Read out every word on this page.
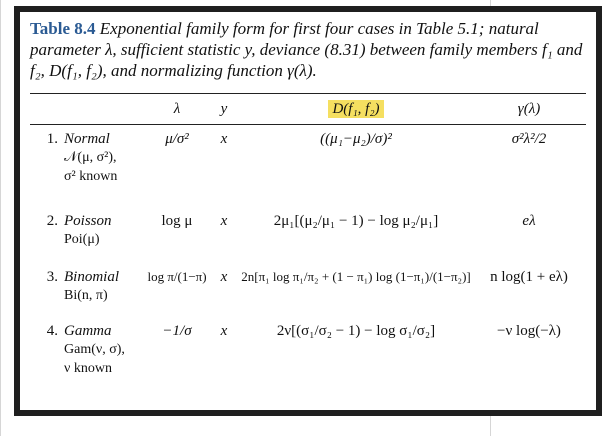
Table 8.4 Exponential family form for first four cases in Table 5.1; natural parameter λ, sufficient statistic y, deviance (8.31) between family members f₁ and f₂, D(f₁, f₂), and normalizing function γ(λ).

		λ	y	D(f₁, f₂)	γ(λ)

1.	Normal
𝒩(μ, σ²),
σ² known	μ/σ²	x	((μ₁−μ₂)/σ)²	σ²λ²/2
2.	Poisson
Poi(μ)	log μ	x	2μ₁[(μ₂/μ₁ − 1) − log μ₂/μ₁]	eλ
3.	Binomial
Bi(n, π)	log π/(1−π)	x	2n[π₁ log π₁/π₂ + (1 − π₁) log (1−π₁)/(1−π₂)]	n log(1 + eλ)
4.	Gamma
Gam(ν, σ),
ν known	−1/σ	x	2ν[(σ₁/σ₂ − 1) − log σ₁/σ₂]	−ν log(−λ)
